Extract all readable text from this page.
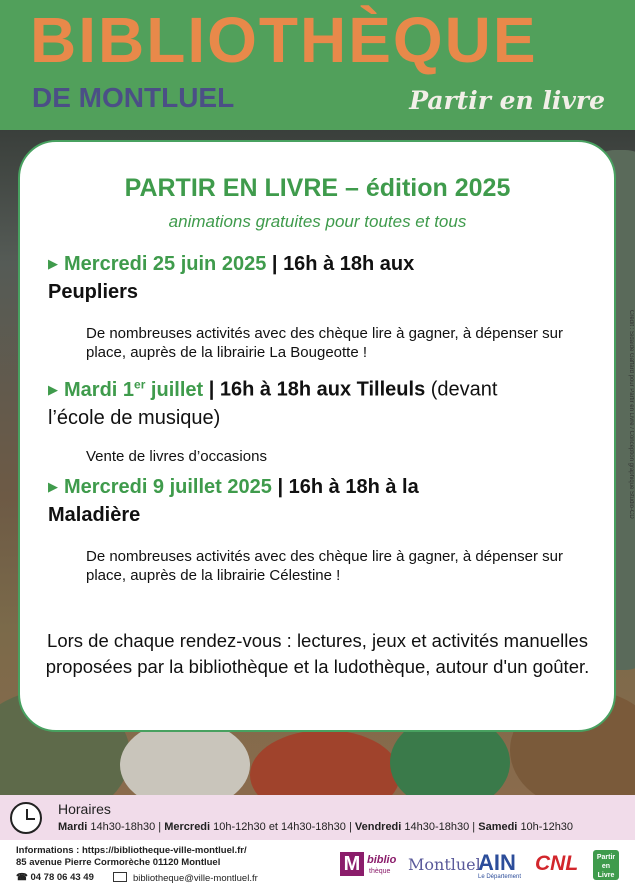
BIBLIOTHÈQUE
DE MONTLUEL	Partir en livre
PARTIR EN LIVRE – édition 2025
animations gratuites pour toutes et tous
▶ Mercredi 25 juin 2025 | 16h à 18h aux
Peupliers
De nombreuses activités avec des chèque lire à gagner, à dépenser sur place, auprès de la librairie La Bougeotte !
▶ Mardi 1er juillet | 16h à 18h aux Tilleuls (devant
l’école de musique)
Vente de livres d’occasions
▶ Mercredi 9 juillet 2025 | 16h à 18h à la
Maladière
De nombreuses activités avec des chèque lire à gagner, à dépenser sur place, auprès de la librairie Célestine !
Lors de chaque rendez-vous : lectures, jeux et activités manuelles proposées par la bibliothèque et la ludothèque, autour d'un goûter.
Crédit : Sidaïde Gaffard pour Partir en Livre / Conception graphique Studio-CD
Horaires
Mardi 14h30-18h30 | Mercredi 10h-12h30 et 14h30-18h30 | Vendredi 14h30-18h30 | Samedi 10h-12h30
Informations : https://bibliotheque-ville-montluel.fr/
85 avenue Pierre Cormorèche 01120 Montluel
☎ 04 78 06 43 49	bibliotheque@ville-montluel.fr
M biblio
thèque Montluel
AIN
Le Département
CNL	Partir en Livre
